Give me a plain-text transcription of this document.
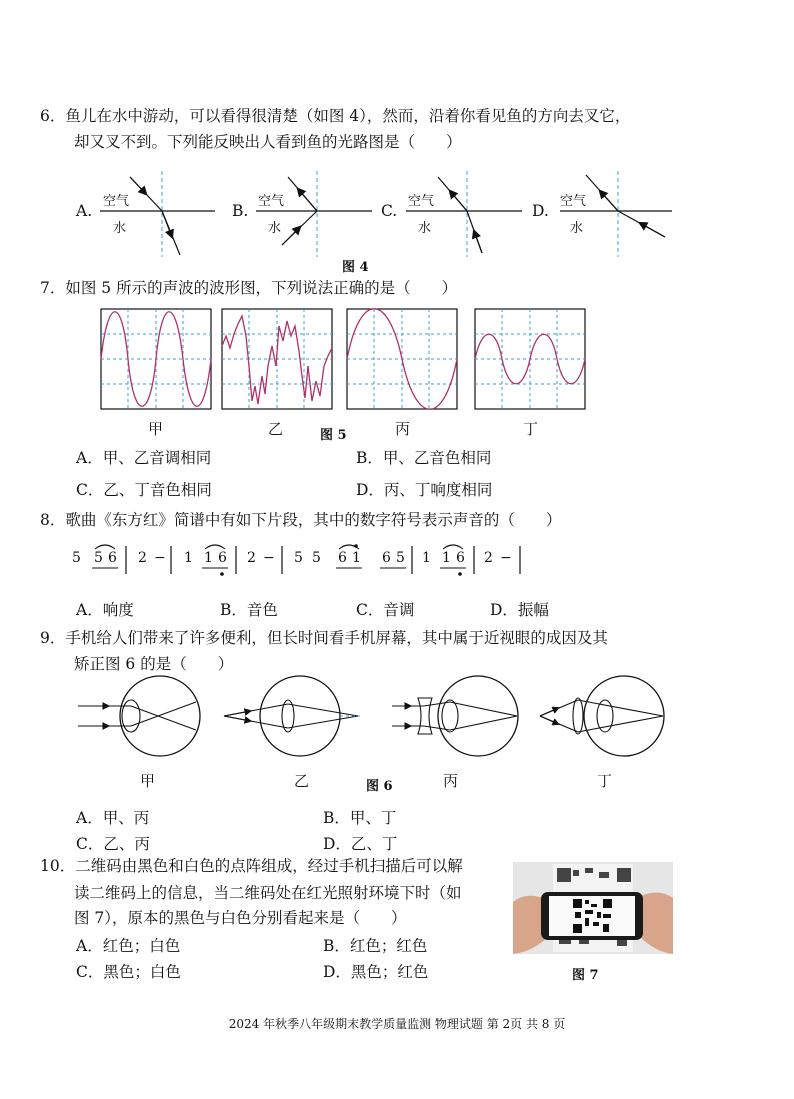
6．鱼儿在水中游动，可以看得很清楚（如图 4），然而，沿着你看见鱼的方向去叉它，
却又叉不到。下列能反映出人看到鱼的光路图是（　　）
A.	B.	C.	D.
空气
水
空气
水
空气
水
空气
水
图 4
7．如图 5 所示的声波的波形图，下列说法正确的是（　　）
甲	乙	图 5	丙	丁
A．甲、乙音调相同	B．甲、乙音色相同
C．乙、丁音色相同	D．丙、丁响度相同
8．歌曲《东方红》简谱中有如下片段，其中的数字符号表示声音的（　　）
5 5 6 2 − 1 1 6 2 − 5 5 6 1 6 5 1 1 6 2 −
A．响度	B．音色	C．音调	D．振幅
9．手机给人们带来了许多便利，但长时间看手机屏幕，其中属于近视眼的成因及其
矫正图 6 的是（　　）
甲	乙	图 6	丙	丁
A．甲、丙	B．甲、丁
C．乙、丙	D．乙、丁
10．二维码由黑色和白色的点阵组成，经过手机扫描后可以解
读二维码上的信息，当二维码处在红光照射环境下时（如
图 7），原本的黑色与白色分别看起来是（　　）
A．红色；白色	B．红色；红色
C．黑色；白色	D．黑色；红色	图 7
2024 年秋季八年级期末教学质量监测 物理试题 第 2页 共 8 页
